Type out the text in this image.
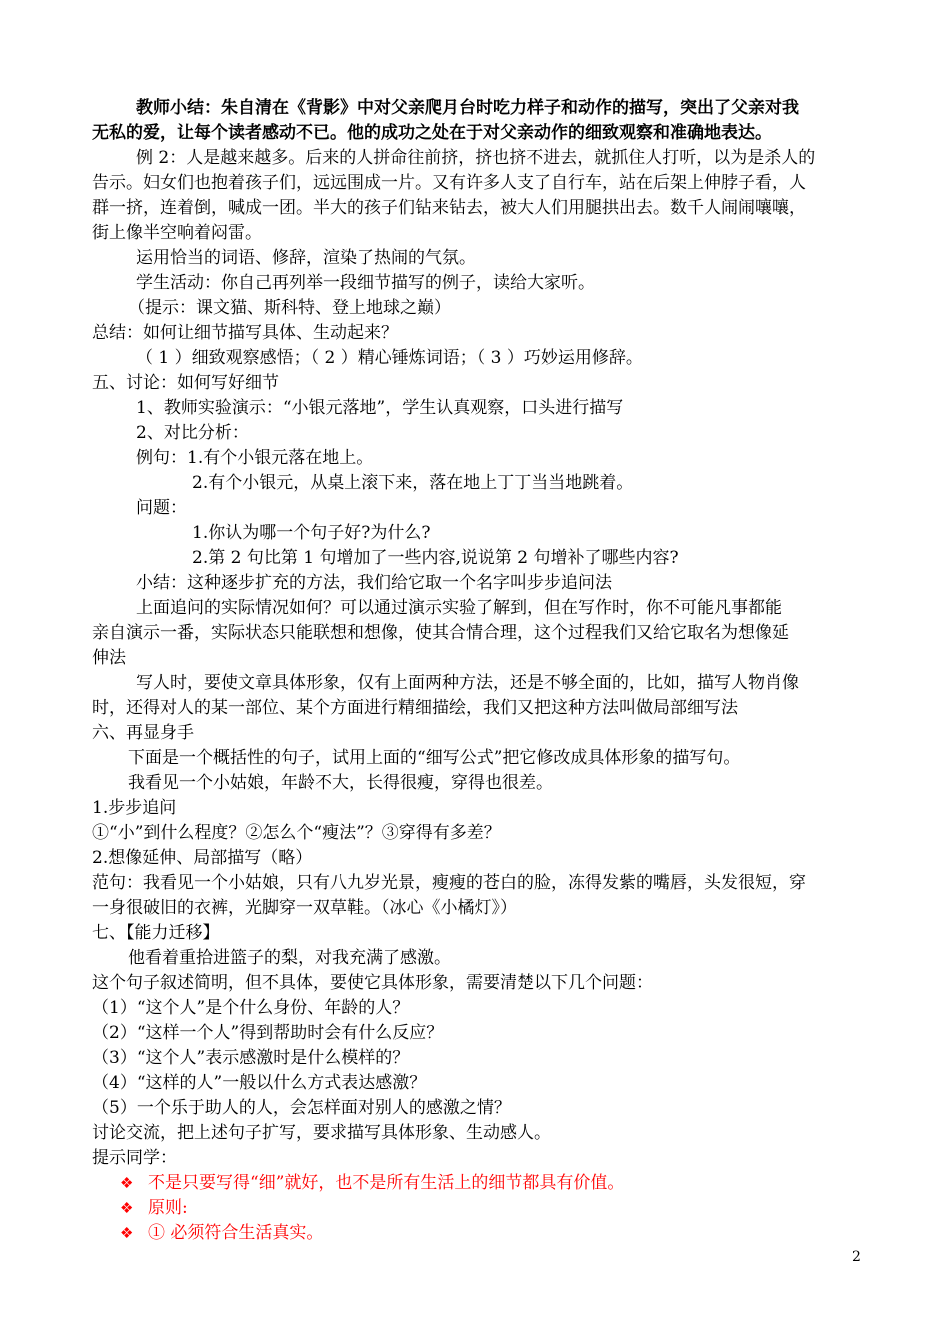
教师小结：朱自清在《背影》中对父亲爬月台时吃力样子和动作的描写，突出了父亲对我
无私的爱，让每个读者感动不已。他的成功之处在于对父亲动作的细致观察和准确地表达。
例 2：人是越来越多。后来的人拼命往前挤，挤也挤不进去，就抓住人打听，以为是杀人的
告示。妇女们也抱着孩子们，远远围成一片。又有许多人支了自行车，站在后架上伸脖子看，人
群一挤，连着倒，喊成一团。半大的孩子们钻来钻去，被大人们用腿拱出去。数千人闹闹嚷嚷，
街上像半空响着闷雷。
运用恰当的词语、修辞，渲染了热闹的气氛。
学生活动：你自己再列举一段细节描写的例子，读给大家听。
（提示：课文猫、斯科特、登上地球之巅）
总结：如何让细节描写具体、生动起来？
（ 1 ）细致观察感悟；（ 2 ）精心锤炼词语；（ 3 ）巧妙运用修辞。
五、讨论：如何写好细节
1、教师实验演示：“小银元落地”，学生认真观察，口头进行描写
2、对比分析：
例句：1.有个小银元落在地上。
2.有个小银元，从桌上滚下来，落在地上丁丁当当地跳着。
问题：
1.你认为哪一个句子好?为什么?
2.第 2 句比第 1 句增加了一些内容,说说第 2 句增补了哪些内容?
小结：这种逐步扩充的方法，我们给它取一个名字叫步步追问法
上面追问的实际情况如何？可以通过演示实验了解到，但在写作时，你不可能凡事都能
亲自演示一番，实际状态只能联想和想像，使其合情合理，这个过程我们又给它取名为想像延
伸法
写人时，要使文章具体形象，仅有上面两种方法，还是不够全面的，比如，描写人物肖像
时，还得对人的某一部位、某个方面进行精细描绘，我们又把这种方法叫做局部细写法
六、再显身手
下面是一个概括性的句子，试用上面的“细写公式”把它修改成具体形象的描写句。
我看见一个小姑娘，年龄不大，长得很瘦，穿得也很差。
1.步步追问
①“小”到什么程度？②怎么个“瘦法”？③穿得有多差？
2.想像延伸、局部描写（略）
范句：我看见一个小姑娘，只有八九岁光景，瘦瘦的苍白的脸，冻得发紫的嘴唇，头发很短，穿
一身很破旧的衣裤，光脚穿一双草鞋。（冰心《小橘灯》）
七、【能力迁移】
他看着重拾进篮子的梨，对我充满了感激。
这个句子叙述简明，但不具体，要使它具体形象，需要清楚以下几个问题：
（1）“这个人”是个什么身份、年龄的人？
（2）“这样一个人”得到帮助时会有什么反应？
（3）“这个人”表示感激时是什么模样的？
（4）“这样的人”一般以什么方式表达感激？
（5）一个乐于助人的人，会怎样面对别人的感激之情？
讨论交流，把上述句子扩写，要求描写具体形象、生动感人。
提示同学：
❖ 不是只要写得“细”就好，也不是所有生活上的细节都具有价值。
❖ 原则:
❖ ① 必须符合生活真实。
2
